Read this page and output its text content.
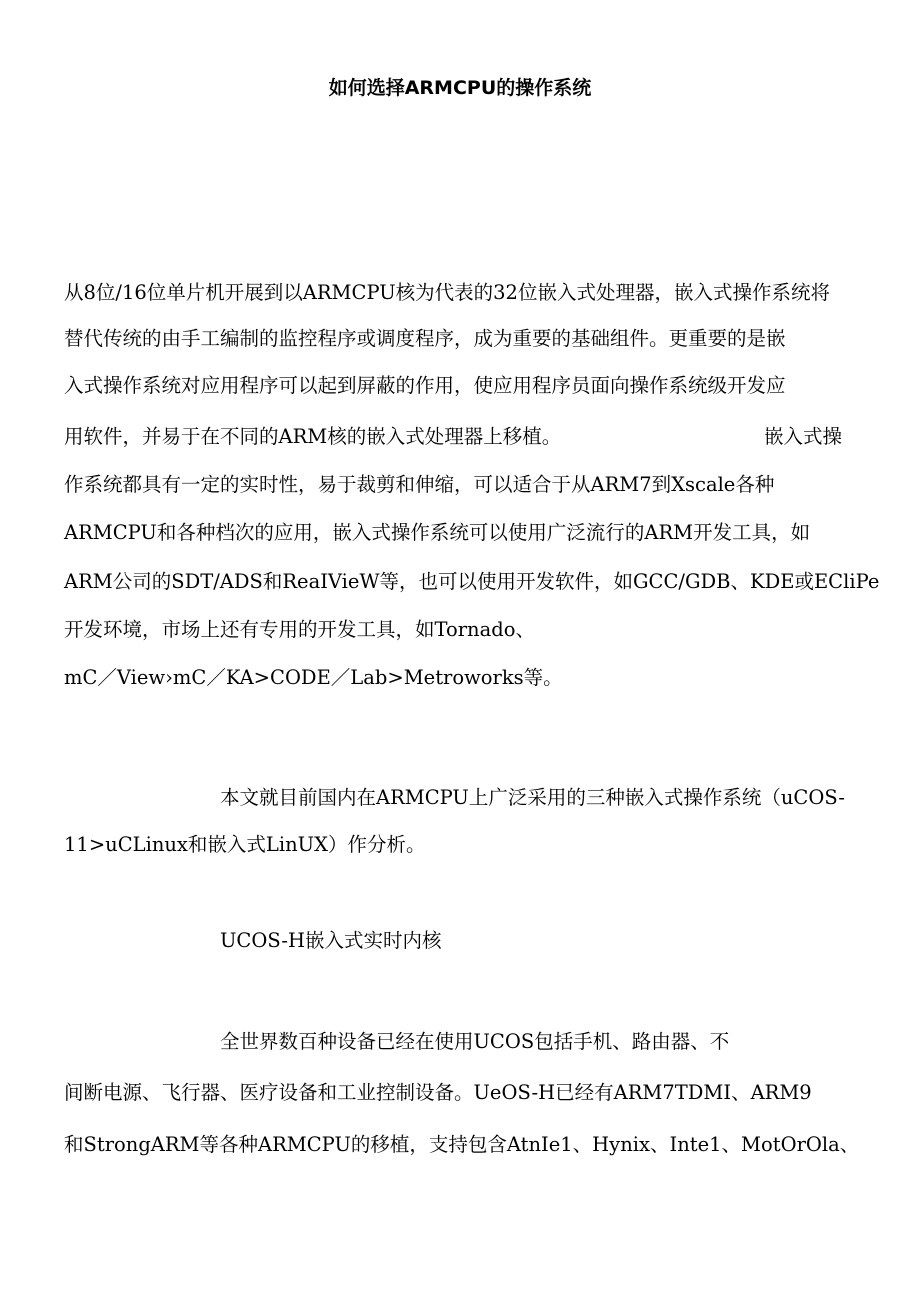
如何选择ARMCPU的操作系统
从8位/16位单片机开展到以ARMCPU核为代表的32位嵌入式处理器，嵌入式操作系统将
替代传统的由手工编制的监控程序或调度程序，成为重要的基础组件。更重要的是嵌
入式操作系统对应用程序可以起到屏蔽的作用，使应用程序员面向操作系统级开发应
用软件，并易于在不同的ARM核的嵌入式处理器上移植。	嵌入式操
作系统都具有一定的实时性，易于裁剪和伸缩，可以适合于从ARM7到Xscale各种
ARMCPU和各种档次的应用，嵌入式操作系统可以使用广泛流行的ARM开发工具，如
ARM公司的SDT/ADS和ReaIVieW等，也可以使用开发软件，如GCC/GDB、KDE或ECliPe
开发环境，市场上还有专用的开发工具，如Tornado、
mC／View›mC／KA>CODE／Lab>Metroworks等。
本文就目前国内在ARMCPU上广泛采用的三种嵌入式操作系统（uCOS-
11>uCLinux和嵌入式LinUX）作分析。
UCOS-H嵌入式实时内核
全世界数百种设备已经在使用UCOS包括手机、路由器、不
间断电源、飞行器、医疗设备和工业控制设备。UeOS-H已经有ARM7TDMI、ARM9
和StrongARM等各种ARMCPU的移植，支持包含AtnIe1、Hynix、Inte1、MotOrOla、
